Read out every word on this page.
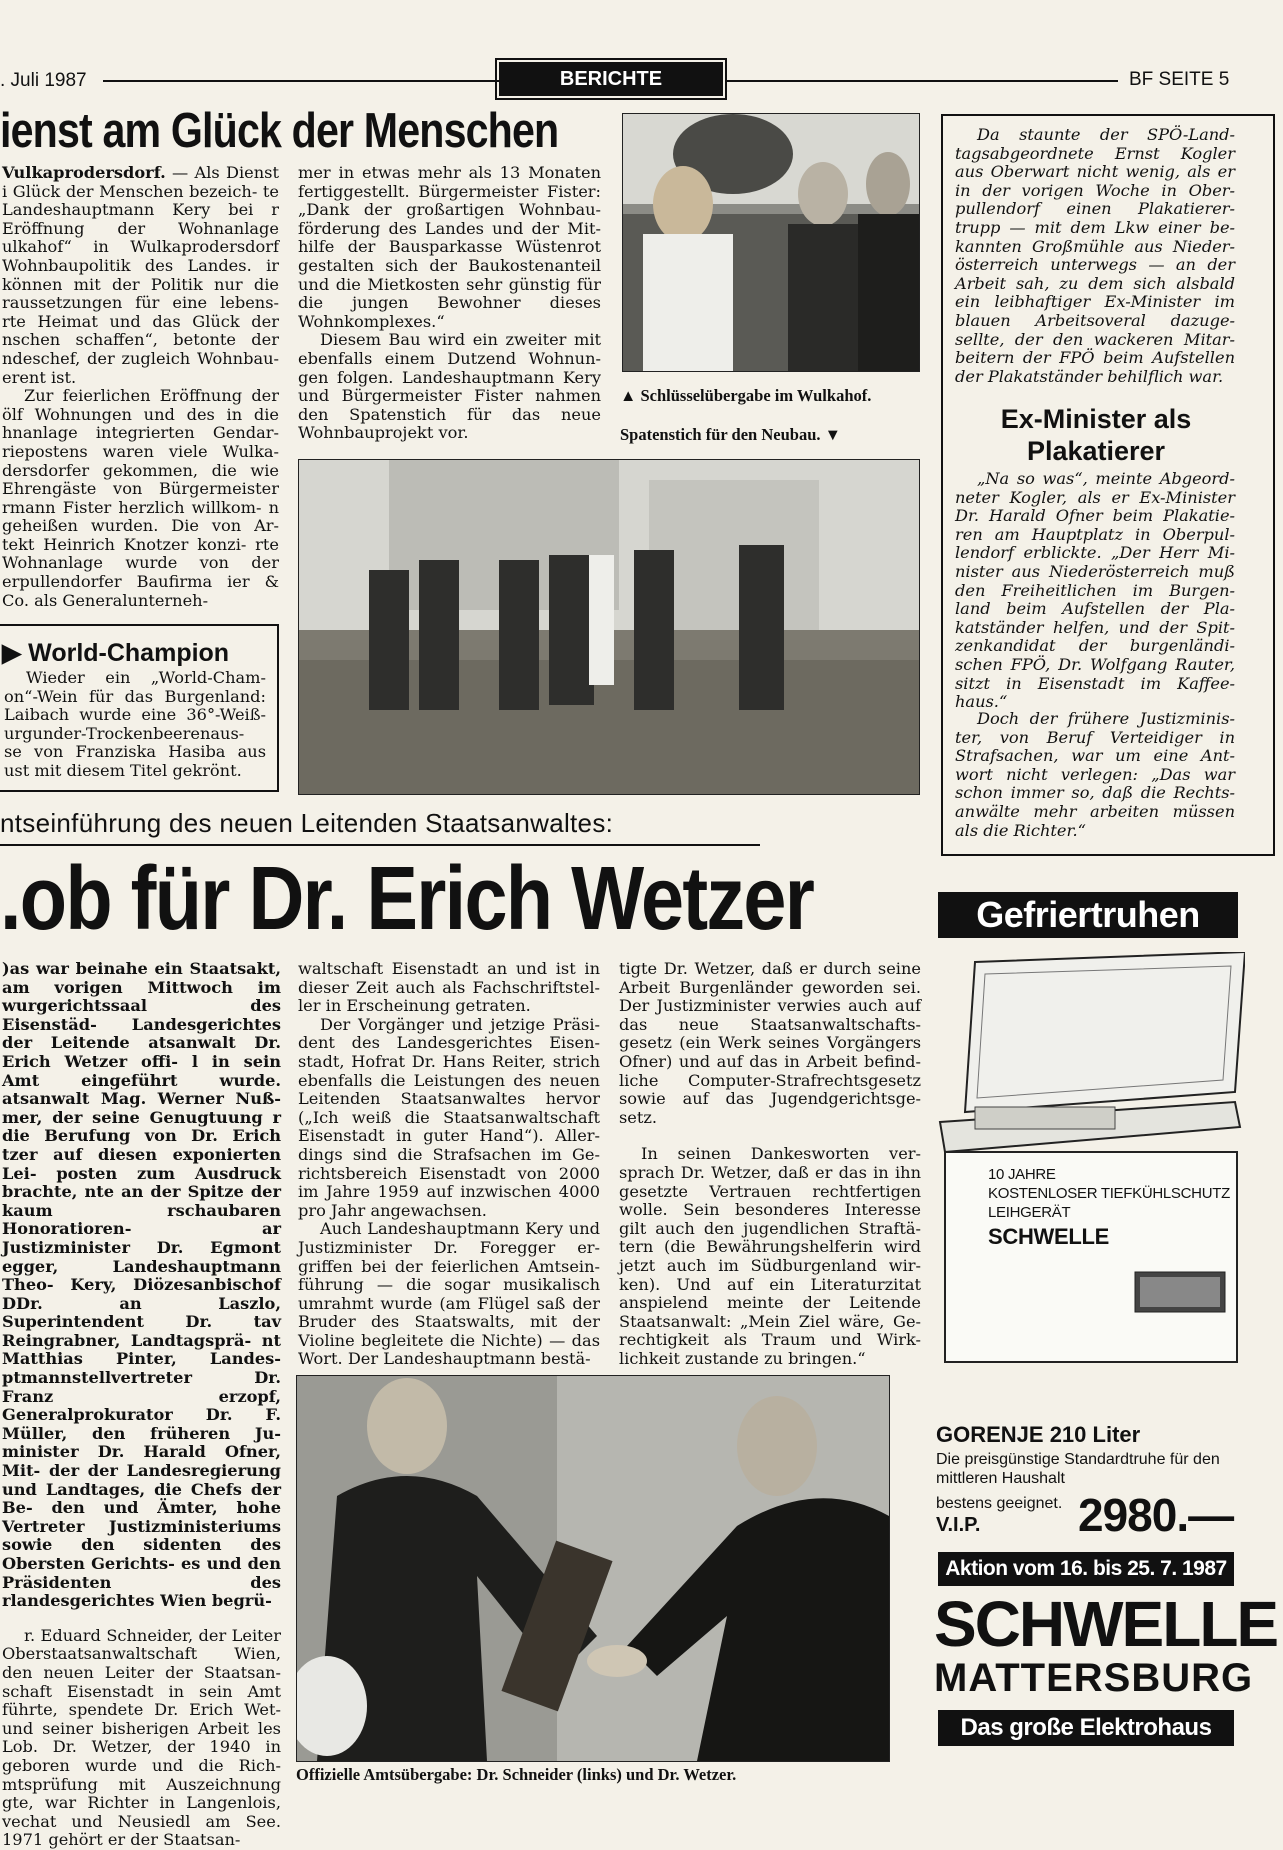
. Juli 1987	BERICHTE	BF SEITE 5
ienst am Glück der Menschen

Vulkaprodersdorf. — Als Dienst i Glück der Menschen bezeich- te Landeshauptmann Kery bei r Eröffnung der Wohnanlage ulkahof“ in Wulkaprodersdorf Wohnbaupolitik des Landes. ir können mit der Politik nur die raussetzungen für eine lebens- rte Heimat und das Glück der nschen schaffen“, betonte der ndeschef, der zugleich Wohnbau- erent ist.

Zur feierlichen Eröffnung der ölf Wohnungen und des in die hnanlage integrierten Gendar- riepostens waren viele Wulka- dersdorfer gekommen, die wie Ehrengäste von Bürgermeister rmann Fister herzlich willkom- n geheißen wurden. Die von Ar- tekt Heinrich Knotzer konzi- rte Wohnanlage wurde von der erpullendorfer Baufirma ier & Co. als Generalunterneh-

mer in etwas mehr als 13 Monaten fertiggestellt. Bürgermeister Fister: „Dank der großartigen Wohnbau- förderung des Landes und der Mit- hilfe der Bausparkasse Wüstenrot gestalten sich der Baukostenanteil und die Mietkosten sehr günstig für die jungen Bewohner dieses Wohnkomplexes.“

Diesem Bau wird ein zweiter mit ebenfalls einem Dutzend Wohnun- gen folgen. Landeshauptmann Kery und Bürgermeister Fister nahmen den Spatenstich für das neue Wohnbauprojekt vor.

▲ Schlüsselübergabe im Wulkahof.
Spatenstich für den Neubau. ▼
▶ World-Champion
Wieder ein „World-Cham- on“-Wein für das Burgenland: Laibach wurde eine 36°-Weiß- urgunder-Trockenbeerenaus- se von Franziska Hasiba aus ust mit diesem Titel gekrönt.
Da staunte der SPÖ-Land- tagsabgeordnete Ernst Kogler aus Oberwart nicht wenig, als er in der vorigen Woche in Ober- pullendorf einen Plakatierer- trupp — mit dem Lkw einer be- kannten Großmühle aus Nieder- österreich unterwegs — an der Arbeit sah, zu dem sich alsbald ein leibhaftiger Ex-Minister im blauen Arbeitsoveral dazuge- sellte, der den wackeren Mitar- beitern der FPÖ beim Aufstellen der Plakatständer behilflich war.
Ex-Minister als Plakatierer
„Na so was“, meinte Abgeord- neter Kogler, als er Ex-Minister Dr. Harald Ofner beim Plakatie- ren am Hauptplatz in Oberpul- lendorf erblickte. „Der Herr Mi- nister aus Niederösterreich muß den Freiheitlichen im Burgen- land beim Aufstellen der Pla- katständer helfen, und der Spit- zenkandidat der burgenländi- schen FPÖ, Dr. Wolfgang Rauter, sitzt in Eisenstadt im Kaffee- haus.“
Doch der frühere Justizminis- ter, von Beruf Verteidiger in Strafsachen, war um eine Ant- wort nicht verlegen: „Das war schon immer so, daß die Rechts- anwälte mehr arbeiten müssen als die Richter.“
ntseinführung des neuen Leitenden Staatsanwaltes:
.ob für Dr. Erich Wetzer

)as war beinahe ein Staatsakt, am vorigen Mittwoch im wurgerichtssaal des Eisenstäd- Landesgerichtes der Leitende atsanwalt Dr. Erich Wetzer offi- l in sein Amt eingeführt wurde. atsanwalt Mag. Werner Nuß- mer, der seine Genugtuung r die Berufung von Dr. Erich tzer auf diesen exponierten Lei- posten zum Ausdruck brachte, nte an der Spitze der kaum rschaubaren Honoratioren- ar Justizminister Dr. Egmont egger, Landeshauptmann Theo- Kery, Diözesanbischof DDr. an Laszlo, Superintendent Dr. tav Reingrabner, Landtagsprä- nt Matthias Pinter, Landes- ptmannstellvertreter Dr. Franz erzopf, Generalprokurator Dr. F. Müller, den früheren Ju- minister Dr. Harald Ofner, Mit- der der Landesregierung und Landtages, die Chefs der Be- den und Ämter, hohe Vertreter Justizministeriums sowie den sidenten des Obersten Gerichts- es und den Präsidenten des rlandesgerichtes Wien begrü-

r. Eduard Schneider, der Leiter Oberstaatsanwaltschaft Wien, den neuen Leiter der Staatsan- schaft Eisenstadt in sein Amt führte, spendete Dr. Erich Wet- und seiner bisherigen Arbeit les Lob. Dr. Wetzer, der 1940 in geboren wurde und die Rich- mtsprüfung mit Auszeichnung gte, war Richter in Langenlois, vechat und Neusiedl am See. 1971 gehört er der Staatsan-

waltschaft Eisenstadt an und ist in dieser Zeit auch als Fachschriftstel- ler in Erscheinung getraten.

Der Vorgänger und jetzige Präsi- dent des Landesgerichtes Eisen- stadt, Hofrat Dr. Hans Reiter, strich ebenfalls die Leistungen des neuen Leitenden Staatsanwaltes hervor („Ich weiß die Staatsanwaltschaft Eisenstadt in guter Hand“). Aller- dings sind die Strafsachen im Ge- richtsbereich Eisenstadt von 2000 im Jahre 1959 auf inzwischen 4000 pro Jahr angewachsen.

Auch Landeshauptmann Kery und Justizminister Dr. Foregger er- griffen bei der feierlichen Amtsein- führung — die sogar musikalisch umrahmt wurde (am Flügel saß der Bruder des Staatswalts, mit der Violine begleitete die Nichte) — das Wort. Der Landeshauptmann bestä-

tigte Dr. Wetzer, daß er durch seine Arbeit Burgenländer geworden sei. Der Justizminister verwies auch auf das neue Staatsanwaltschafts- gesetz (ein Werk seines Vorgängers Ofner) und auf das in Arbeit befind- liche Computer-Strafrechtsgesetz sowie auf das Jugendgerichtsge- setz.

In seinen Dankesworten ver- sprach Dr. Wetzer, daß er das in ihn gesetzte Vertrauen rechtfertigen wolle. Sein besonderes Interesse gilt auch den jugendlichen Straftä- tern (die Bewährungshelferin wird jetzt auch im Südburgenland wir- ken). Und auf ein Literaturzitat anspielend meinte der Leitende Staatsanwalt: „Mein Ziel wäre, Ge- rechtigkeit als Traum und Wirk- lichkeit zustande zu bringen.“

Offizielle Amtsübergabe: Dr. Schneider (links) und Dr. Wetzer.
Gefriertruhen
10 JAHRE
KOSTENLOSER TIEFKÜHLSCHUTZ
LEIHGERÄT
SCHWELLE
GORENJE 210 Liter
Die preisgünstige Standardtruhe für den mittleren Haushalt
bestens geeignet.
V.I.P. 2980.—
Aktion vom 16. bis 25. 7. 1987
SCHWELLE
MATTERSBURG
Das große Elektrohaus
